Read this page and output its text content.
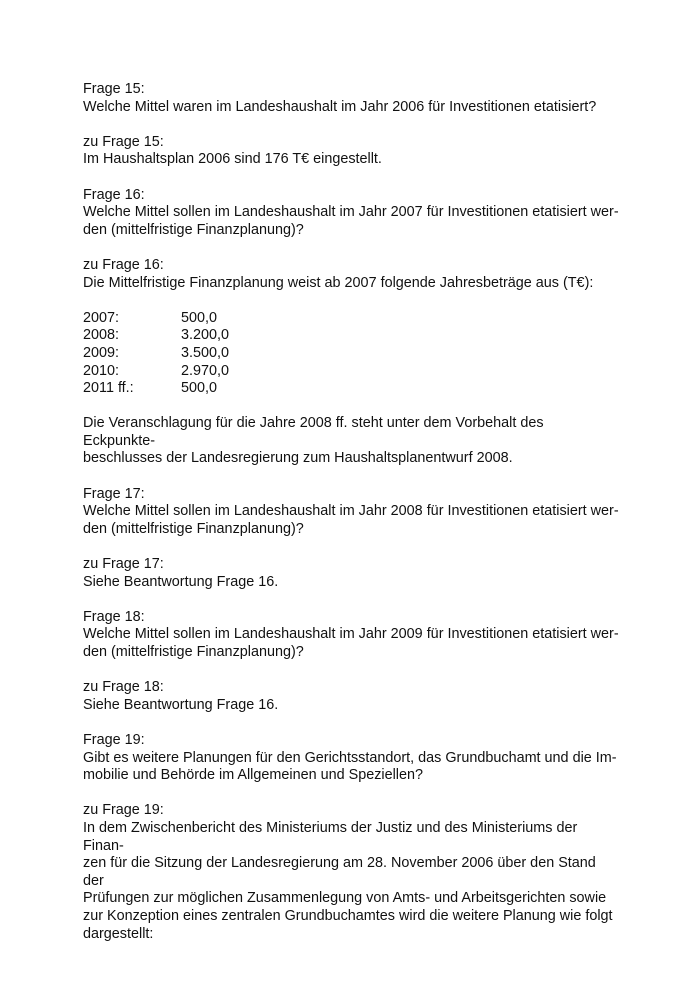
Frage 15:

Welche Mittel waren im Landeshaushalt im Jahr 2006 für Investitionen etatisiert?

zu Frage 15:

Im Haushaltsplan 2006 sind 176 T€ eingestellt.

Frage 16:

Welche Mittel sollen im Landeshaushalt im Jahr 2007 für Investitionen etatisiert wer-

den (mittelfristige Finanzplanung)?

zu Frage 16:

Die Mittelfristige Finanzplanung weist ab 2007 folgende Jahresbeträge aus (T€):

2007:	500,0
2008:	3.200,0
2009:	3.500,0
2010:	2.970,0
2011 ff.:	500,0

Die Veranschlagung für die Jahre 2008 ff. steht unter dem Vorbehalt des Eckpunkte-

beschlusses der Landesregierung zum Haushaltsplanentwurf 2008.

Frage 17:

Welche Mittel sollen im Landeshaushalt im Jahr 2008 für Investitionen etatisiert wer-

den (mittelfristige Finanzplanung)?

zu Frage 17:

Siehe Beantwortung Frage 16.

Frage 18:

Welche Mittel sollen im Landeshaushalt im Jahr 2009 für Investitionen etatisiert wer-

den (mittelfristige Finanzplanung)?

zu Frage 18:

Siehe Beantwortung Frage 16.

Frage 19:

Gibt es weitere Planungen für den Gerichtsstandort, das Grundbuchamt und die Im-

mobilie und Behörde im Allgemeinen und Speziellen?

zu Frage 19:

In dem Zwischenbericht des Ministeriums der Justiz und des Ministeriums der Finan-

zen für die Sitzung der Landesregierung am 28. November 2006 über den Stand der

Prüfungen zur möglichen Zusammenlegung von Amts- und Arbeitsgerichten sowie

zur Konzeption eines zentralen Grundbuchamtes wird die weitere Planung wie folgt

dargestellt:
